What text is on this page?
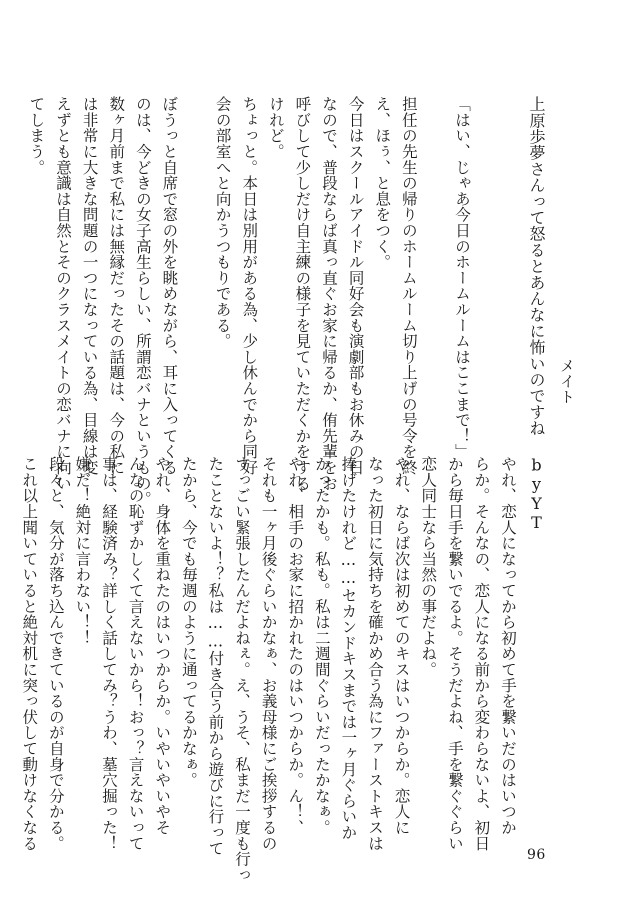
上原歩夢さんって怒るとあんなに怖いのですね byYT メイト
96
「はい、じゃあ今日のホームルームはここまで！」
担任の先生の帰りのホームルーム切り上げの号令を終
え、ほぅ、と息をつく。
今日はスクールアイドル同好会も演劇部もお休みの日
なので、普段ならば真っ直ぐお家に帰るか、侑先輩をお
呼びして少しだけ自主練の様子を見ていただくかをする
けれど。
ちょっと。本日は別用がある為、少し休んでから同好
会の部室へと向かうつもりである。
ぼうっと自席で窓の外を眺めながら、耳に入ってくる
のは、今どきの女子高生らしい、所謂恋バナというもの。
数ヶ月前まで私には無縁だったその話題は、今の私に
は非常に大きな問題の一つになっている為、目線は変
えずとも意識は自然とそのクラスメイトの恋バナに向い
てしまう。
やれ、恋人になってから初めて手を繋いだのはいつか
らか。そんなの、恋人になる前から変わらないよ、初日
から毎日手を繋いでるよ。そうだよね、手を繋ぐぐらい
恋人同士なら当然の事だよね。
やれ、ならば次は初めてのキスはいつからか。恋人に
なった初日に気持ちを確かめ合う為にファーストキスは
捧げたけれど……セカンドキスまでは一ヶ月ぐらいか
かったかも。私も。私は二週間ぐらいだったかなぁ。
やれ、相手のお家に招かれたのはいつからか。ん！、
それも一ヶ月後ぐらいかなぁ、お義母様にご挨拶するの
すっごい緊張したんだよねぇ。え、うそ、私まだ一度も行っ
たことないよ！？私は……付き合う前から遊びに行って
たから、今でも毎週のように通ってるかなぁ。
やれ、身体を重ねたのはいつからか。いやいやいやそ
んなの恥ずかしくて言えないから！おっ？言えないって
事は、経験済み？詳しく話してみ？うわ、墓穴掘った！
嫌だ！絶対に言わない！！
段々と、気分が落ち込んできているのが自身で分かる。
これ以上聞いていると絶対机に突っ伏して動けなくなる
